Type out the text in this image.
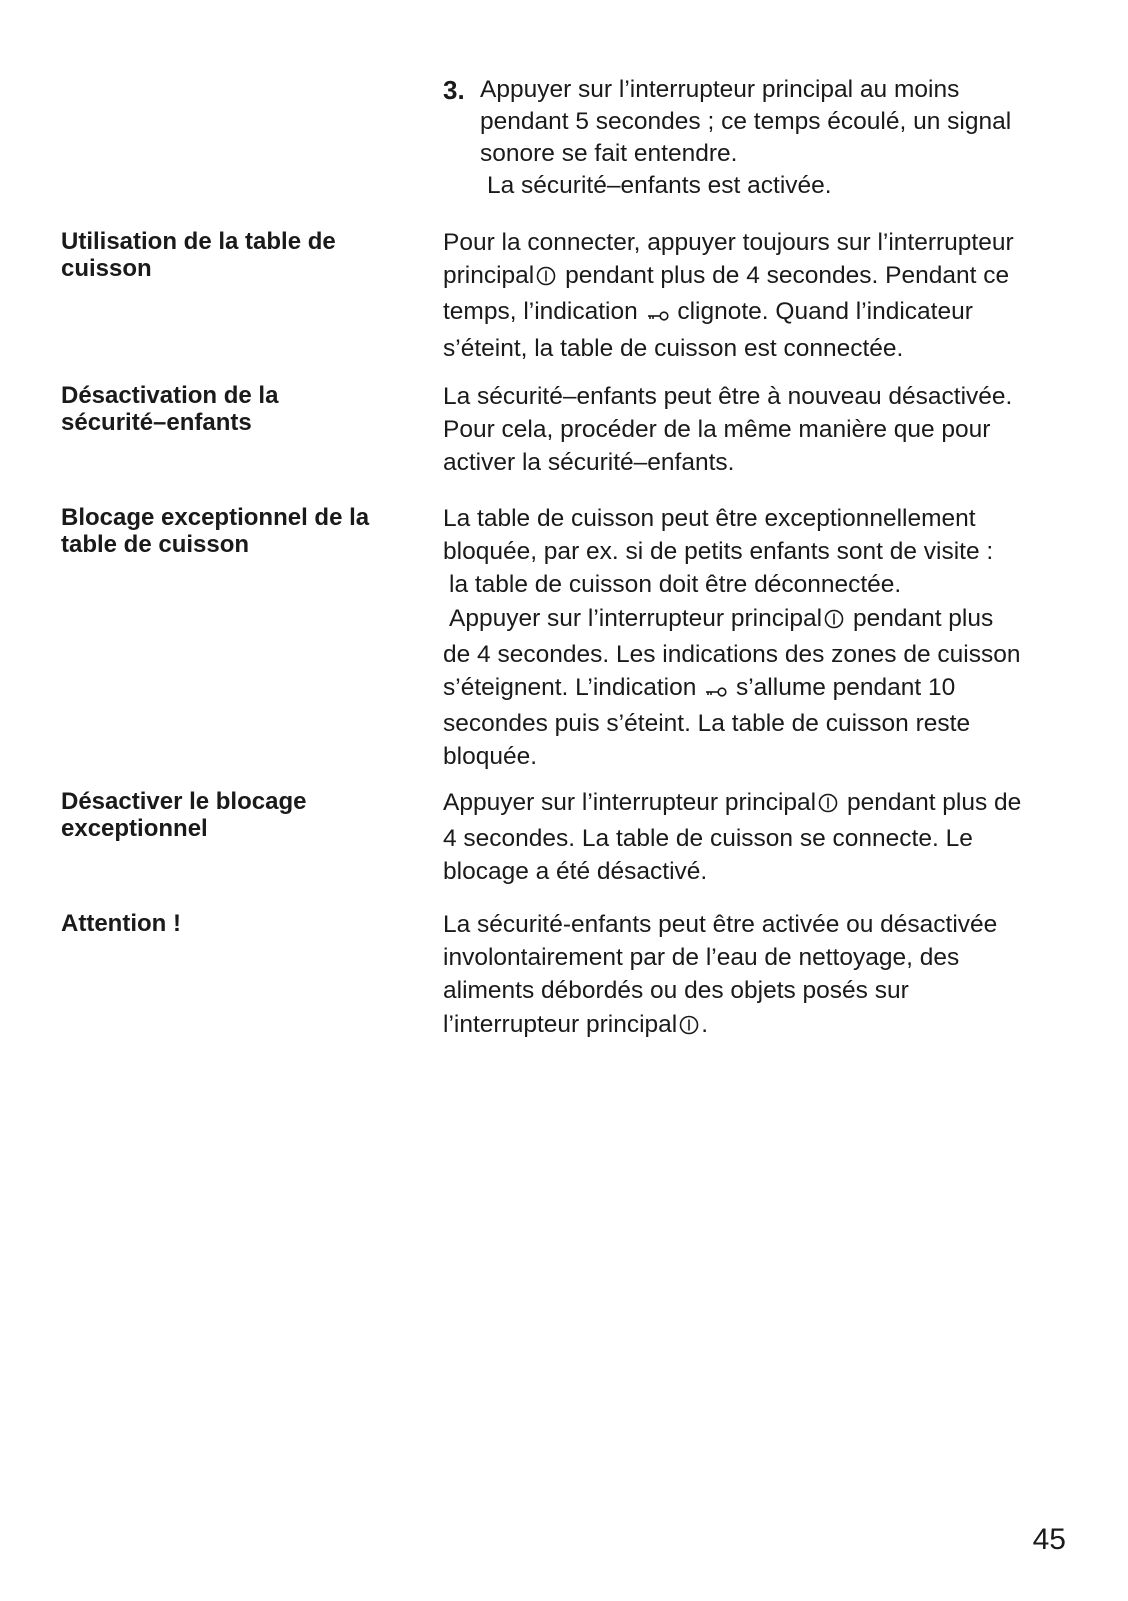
3. Appuyer sur l’interrupteur principal au moins
pendant 5 secondes ; ce temps écoulé, un signal
sonore se fait entendre.
La sécurité–enfants est activée.
Utilisation de la table de
cuisson
Pour la connecter, appuyer toujours sur l’interrupteur
principal pendant plus de 4 secondes. Pendant ce
temps, l’indication clignote. Quand l’indicateur
s’éteint, la table de cuisson est connectée.
Désactivation de la
sécurité–enfants
La sécurité–enfants peut être à nouveau désactivée.
Pour cela, procéder de la même manière que pour
activer la sécurité–enfants.
Blocage exceptionnel de la
table de cuisson
La table de cuisson peut être exceptionnellement
bloquée, par ex. si de petits enfants sont de visite :
la table de cuisson doit être déconnectée.
Appuyer sur l’interrupteur principal pendant plus
de 4 secondes. Les indications des zones de cuisson
s’éteignent. L’indication s’allume pendant 10
secondes puis s’éteint. La table de cuisson reste
bloquée.
Désactiver le blocage
exceptionnel
Appuyer sur l’interrupteur principal pendant plus de
4 secondes. La table de cuisson se connecte. Le
blocage a été désactivé.
Attention !	La sécurité-enfants peut être activée ou désactivée
involontairement par de l’eau de nettoyage, des
aliments débordés ou des objets posés sur
l’interrupteur principal .
45
